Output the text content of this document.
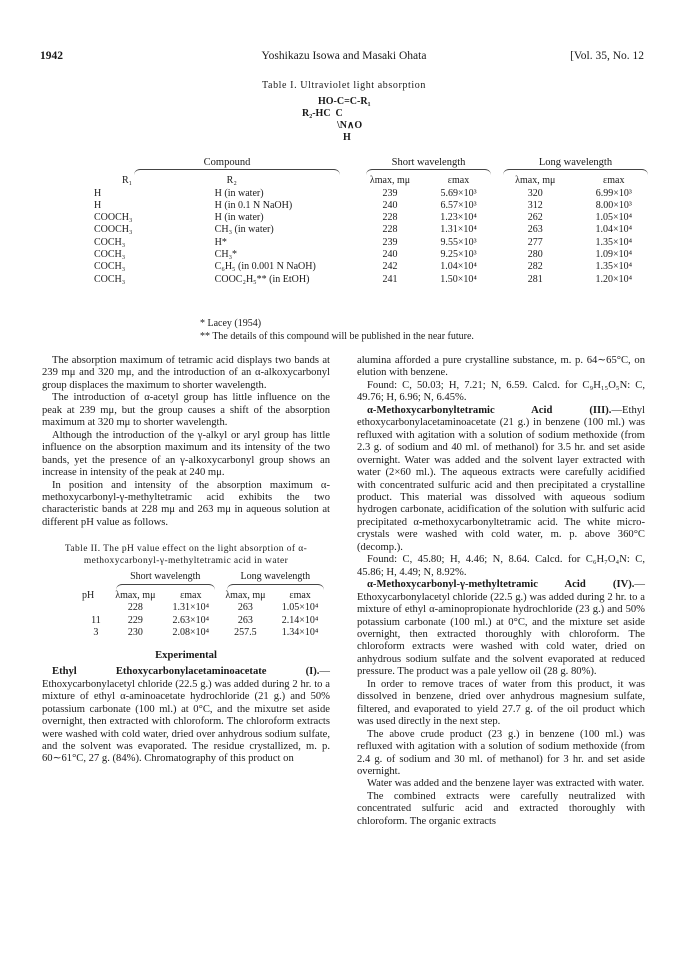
1942	Yoshikazu Isowa and Masaki Ohata	[Vol. 35, No. 12
Table I. Ultraviolet light absorption
HO-C=C-R₁
R₂-HC  C
\N∧O
H
Compound		Short wavelength		Long wavelength	

R₁	R₂	λmax, mμ	εmax	λmax, mμ	εmax
H	H (in water)	239	5.69×10³	320	6.99×10³
H	H (in 0.1 N NaOH)	240	6.57×10³	312	8.00×10³
COOCH₃	H (in water)	228	1.23×10⁴	262	1.05×10⁴
COOCH₃	CH₃ (in water)	228	1.31×10⁴	263	1.04×10⁴
COCH₃	H*	239	9.55×10³	277	1.35×10⁴
COCH₃	CH₃*	240	9.25×10³	280	1.09×10⁴
COCH₃	C₆H₅ (in 0.001 N NaOH)	242	1.04×10⁴	282	1.35×10⁴
COCH₃	COOC₂H₅** (in EtOH)	241	1.50×10⁴	281	1.20×10⁴
* Lacey (1954)
** The details of this compound will be published in the near future.

The absorption maximum of tetramic acid displays two bands at 239 mμ and 320 mμ, and the introduction of an α-alkoxycarbonyl group displaces the maximum to shorter wavelength.

The introduction of α-acetyl group has little influence on the peak at 239 mμ, but the group causes a shift of the absorption maximum at 320 mμ to shorter wavelength.

Although the introduction of the γ-alkyl or aryl group has little influence on the absorption maximum and its intensity of the two bands, yet the presence of an γ-alkoxycarbonyl group shows an increase in intensity of the peak at 240 mμ.

In position and intensity of the absorption maximum α-methoxycarbonyl-γ-methyltetramic acid exhibits the two characteristic bands at 228 mμ and 263 mμ in aqueous solution at different pH value as follows.

Table II. The pH value effect on the light absorption of α-methoxycarbonyl-γ-methyltetramic acid in water

	Short wavelength		Long wavelength	

pH	λmax, mμ	εmax	λmax, mμ	εmax
	228	1.31×10⁴	263	1.05×10⁴
11	229	2.63×10⁴	263	2.14×10⁴
3	230	2.08×10⁴	257.5	1.34×10⁴
Experimental

Ethyl Ethoxycarbonylacetaminoacetate (I).—Ethoxycarbonylacetyl chloride (22.5 g.) was added during 2 hr. to a mixture of ethyl α-aminoacetate hydrochloride (21 g.) and 50% potassium carbonate (100 ml.) at 0°C, and the mixutre set aside overnight, then extracted with chloroform. The chloroform extracts were washed with cold water, dried over anhydrous sodium sulfate, and the solvent was evaporated. The residue crystallized, m. p. 60∼61°C, 27 g. (84%). Chromatography of this product on

alumina afforded a pure crystalline substance, m. p. 64∼65°C, on elution with benzene.

Found: C, 50.03; H, 7.21; N, 6.59. Calcd. for C₉H₁₅O₅N: C, 49.76; H, 6.96; N, 6.45%.

α-Methoxycarbonyltetramic Acid (III).—Ethyl ethoxycarbonylacetaminoacetate (21 g.) in benzene (100 ml.) was refluxed with agitation with a solution of sodium methoxide (from 2.3 g. of sodium and 40 ml. of methanol) for 3.5 hr. and set aside overnight. Water was added and the solvent layer extracted with water (2×60 ml.). The aqueous extracts were carefully acidified with concentrated sulfuric acid and then precipitated a crystalline product. This material was dissolved with aqueous sodium hydrogen carbonate, acidification of the solution with sulfuric acid precipitated α-methoxycarbonyltetramic acid. The white micro-crystals were washed with cold water, m. p. above 360°C (decomp.).

Found: C, 45.80; H, 4.46; N, 8.64. Calcd. for C₆H₇O₄N: C, 45.86; H, 4.49; N, 8.92%.

α-Methoxycarbonyl-γ-methyltetramic Acid (IV).—Ethoxycarbonylacetyl chloride (22.5 g.) was added during 2 hr. to a mixture of ethyl α-aminopropionate hydrochloride (23 g.) and 50% potassium carbonate (100 ml.) at 0°C, and the mixture set aside overnight, then extracted thoroughly with chloroform. The chloroform extracts were washed with cold water, dried on anhydrous sodium sulfate and the solvent evaporated at reduced pressure. The product was a pale yellow oil (28 g. 80%).

In order to remove traces of water from this product, it was dissolved in benzene, dried over anhydrous magnesium sulfate, filtered, and evaporated to yield 27.7 g. of the oil product which was used directly in the next step.

The above crude product (23 g.) in benzene (100 ml.) was refluxed with agitation with a solution of sodium methoxide (from 2.4 g. of sodium and 30 ml. of methanol) for 3 hr. and set aside overnight.

Water was added and the benzene layer was extracted with water.

The combined extracts were carefully neutralized with concentrated sulfuric acid and extracted thoroughly with chloroform. The organic extracts
